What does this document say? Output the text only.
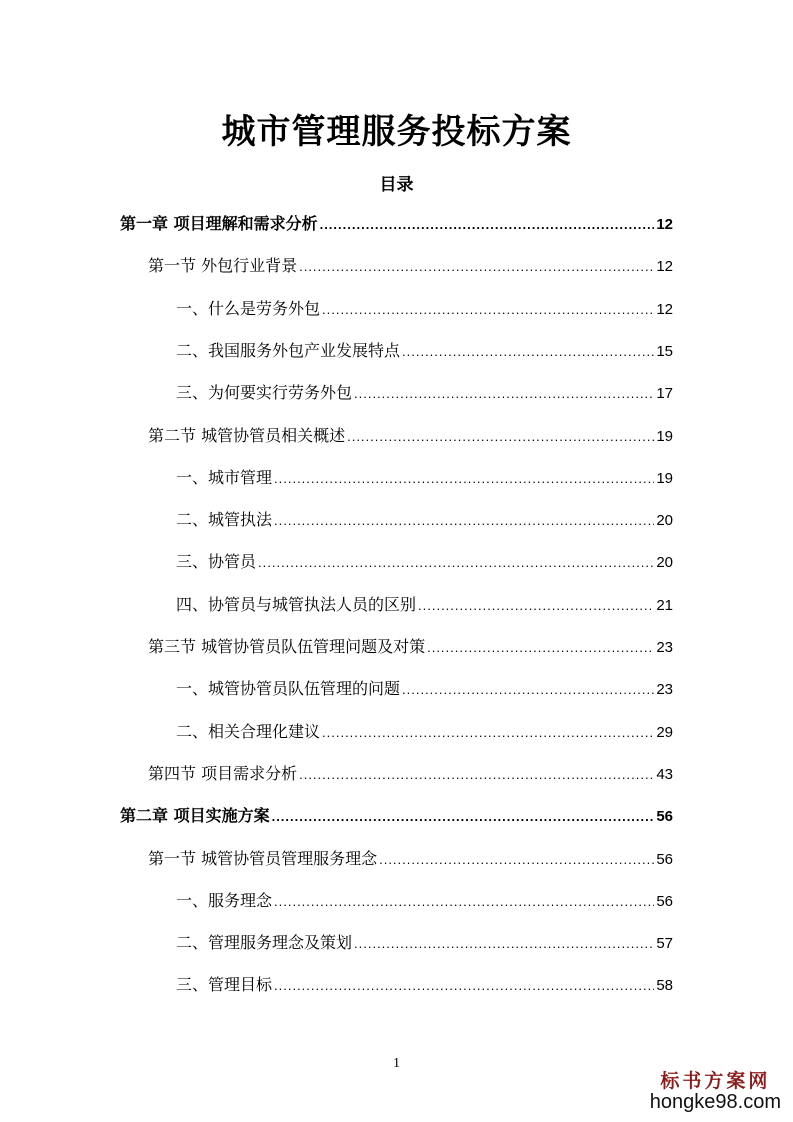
城市管理服务投标方案
目录
第一章 项目理解和需求分析 .....	12
第一节 外包行业背景 .....	12
一、什么是劳务外包 .....	12
二、我国服务外包产业发展特点 .....	15
三、为何要实行劳务外包 .....	17
第二节 城管协管员相关概述 .....	19
一、城市管理 .....	19
二、城管执法 .....	20
三、协管员 .....	20
四、协管员与城管执法人员的区别 .....	21
第三节 城管协管员队伍管理问题及对策 .....	23
一、城管协管员队伍管理的问题 .....	23
二、相关合理化建议 .....	29
第四节 项目需求分析 .....	43
第二章 项目实施方案 .....	56
第一节 城管协管员管理服务理念 .....	56
一、服务理念 .....	56
二、管理服务理念及策划 .....	57
三、管理目标 .....	58
1
标书方案网
hongke98.com
